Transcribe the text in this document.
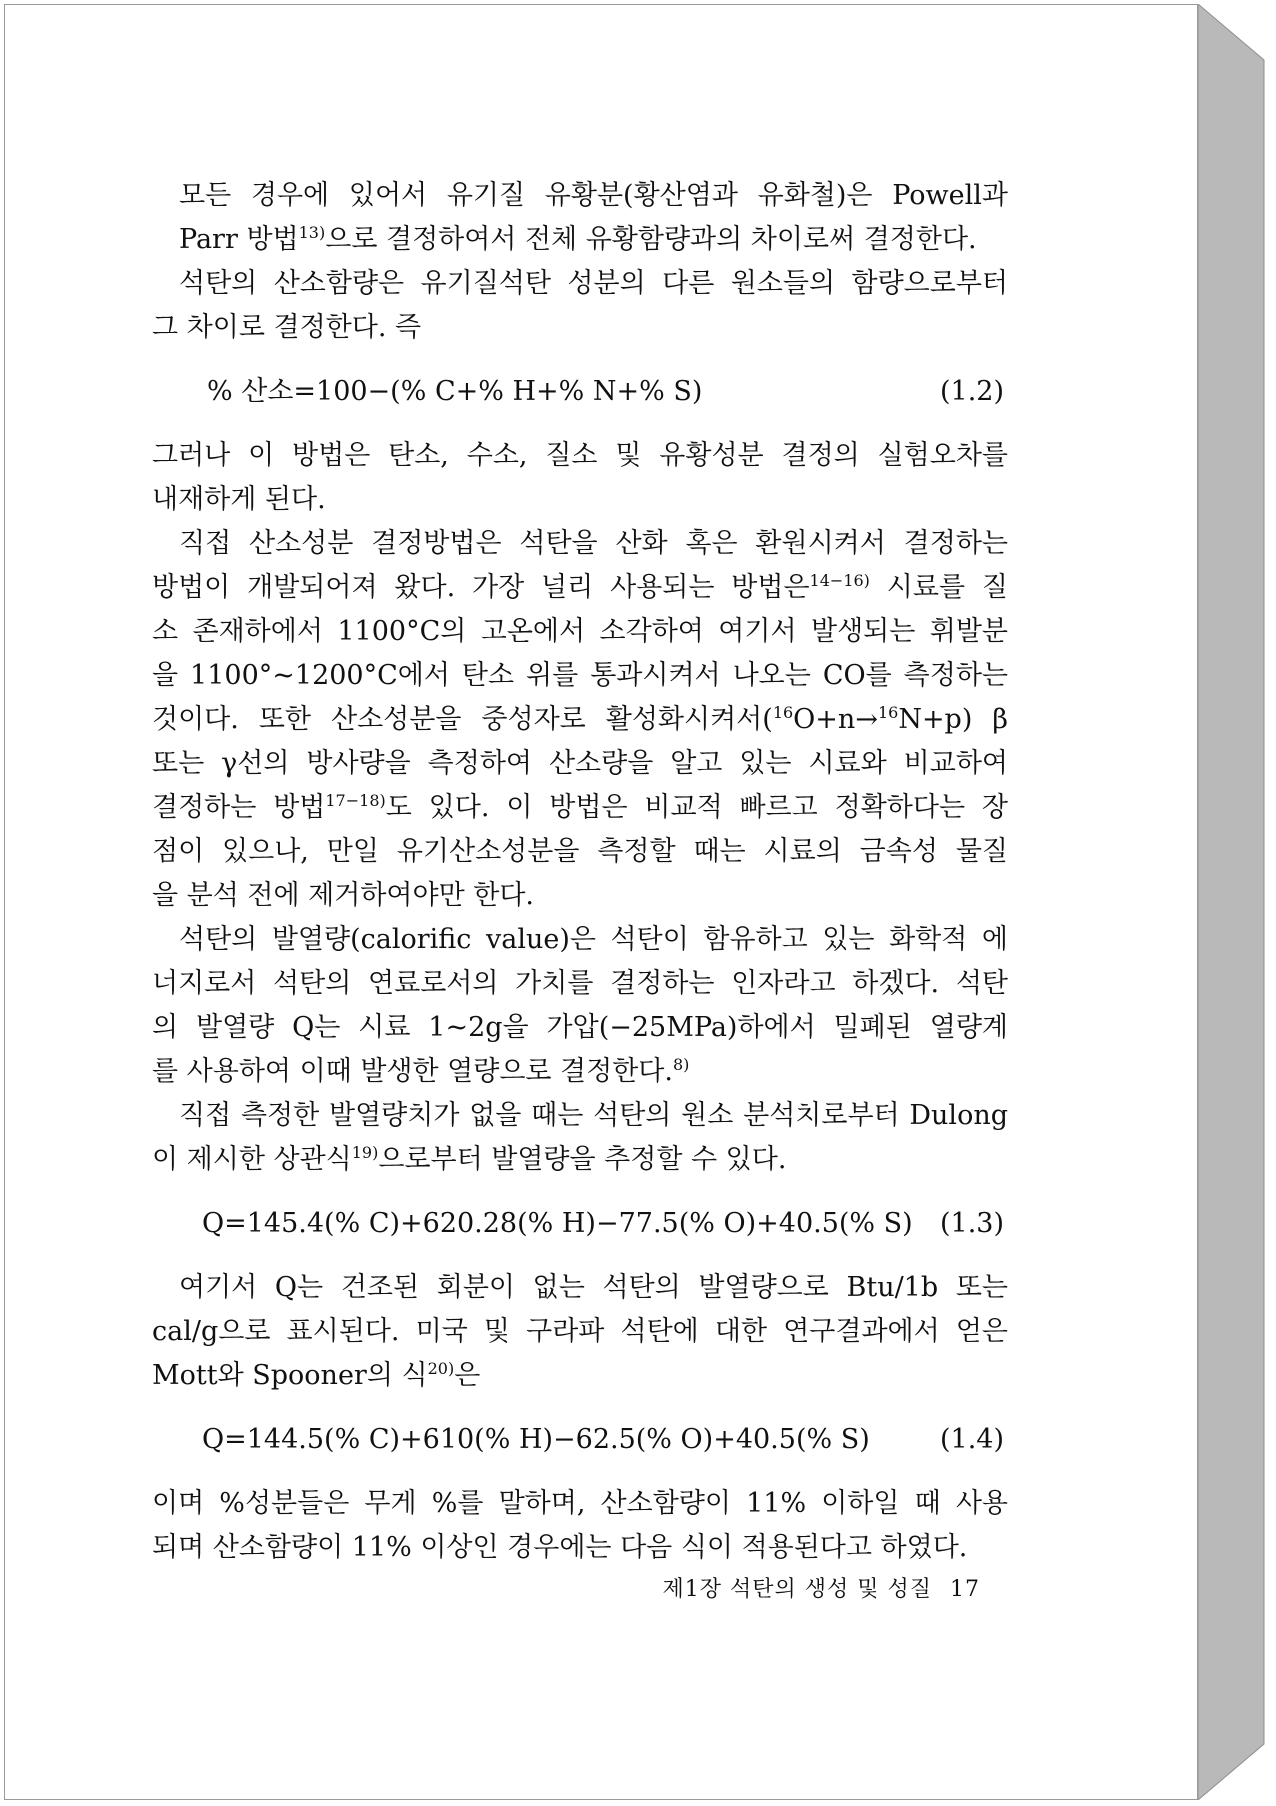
모든 경우에 있어서 유기질 유황분(황산염과 유화철)은 Powell과
Parr 방법$^{13)}$으로 결정하여서 전체 유황함량과의 차이로써 결정한다.

석탄의 산소함량은 유기질석탄 성분의 다른 원소들의 함량으로부터
그 차이로 결정한다. 즉

% 산소=100−(% C+% H+% N+% S)	(1.2)

그러나 이 방법은 탄소, 수소, 질소 및 유황성분 결정의 실험오차를
내재하게 된다.

직접 산소성분 결정방법은 석탄을 산화 혹은 환원시켜서 결정하는
방법이 개발되어져 왔다. 가장 널리 사용되는 방법은$^{14-16)}$ 시료를 질
소 존재하에서 1100°C의 고온에서 소각하여 여기서 발생되는 휘발분
을 1100°~1200°C에서 탄소 위를 통과시켜서 나오는 CO를 측정하는
것이다. 또한 산소성분을 중성자로 활성화시켜서($^{16}$O+n→$^{16}$N+p) β
또는 γ선의 방사량을 측정하여 산소량을 알고 있는 시료와 비교하여
결정하는 방법$^{17-18)}$도 있다. 이 방법은 비교적 빠르고 정확하다는 장
점이 있으나, 만일 유기산소성분을 측정할 때는 시료의 금속성 물질
을 분석 전에 제거하여야만 한다.

석탄의 발열량(calorific value)은 석탄이 함유하고 있는 화학적 에
너지로서 석탄의 연료로서의 가치를 결정하는 인자라고 하겠다. 석탄
의 발열량 Q는 시료 1~2g을 가압(−25MPa)하에서 밀폐된 열량계
를 사용하여 이때 발생한 열량으로 결정한다.$^{8)}$

직접 측정한 발열량치가 없을 때는 석탄의 원소 분석치로부터 Dulong
이 제시한 상관식$^{19)}$으로부터 발열량을 추정할 수 있다.

Q=145.4(% C)+620.28(% H)−77.5(% O)+40.5(% S) (1.3)

여기서 Q는 건조된 회분이 없는 석탄의 발열량으로 Btu/1b 또는
cal/g으로 표시된다. 미국 및 구라파 석탄에 대한 연구결과에서 얻은
Mott와 Spooner의 식$^{20)}$은

Q=144.5(% C)+610(% H)−62.5(% O)+40.5(% S)	(1.4)

이며 %성분들은 무게 %를 말하며, 산소함량이 11% 이하일 때 사용
되며 산소함량이 11% 이상인 경우에는 다음 식이 적용된다고 하였다.

제1장 석탄의 생성 및 성질 17
